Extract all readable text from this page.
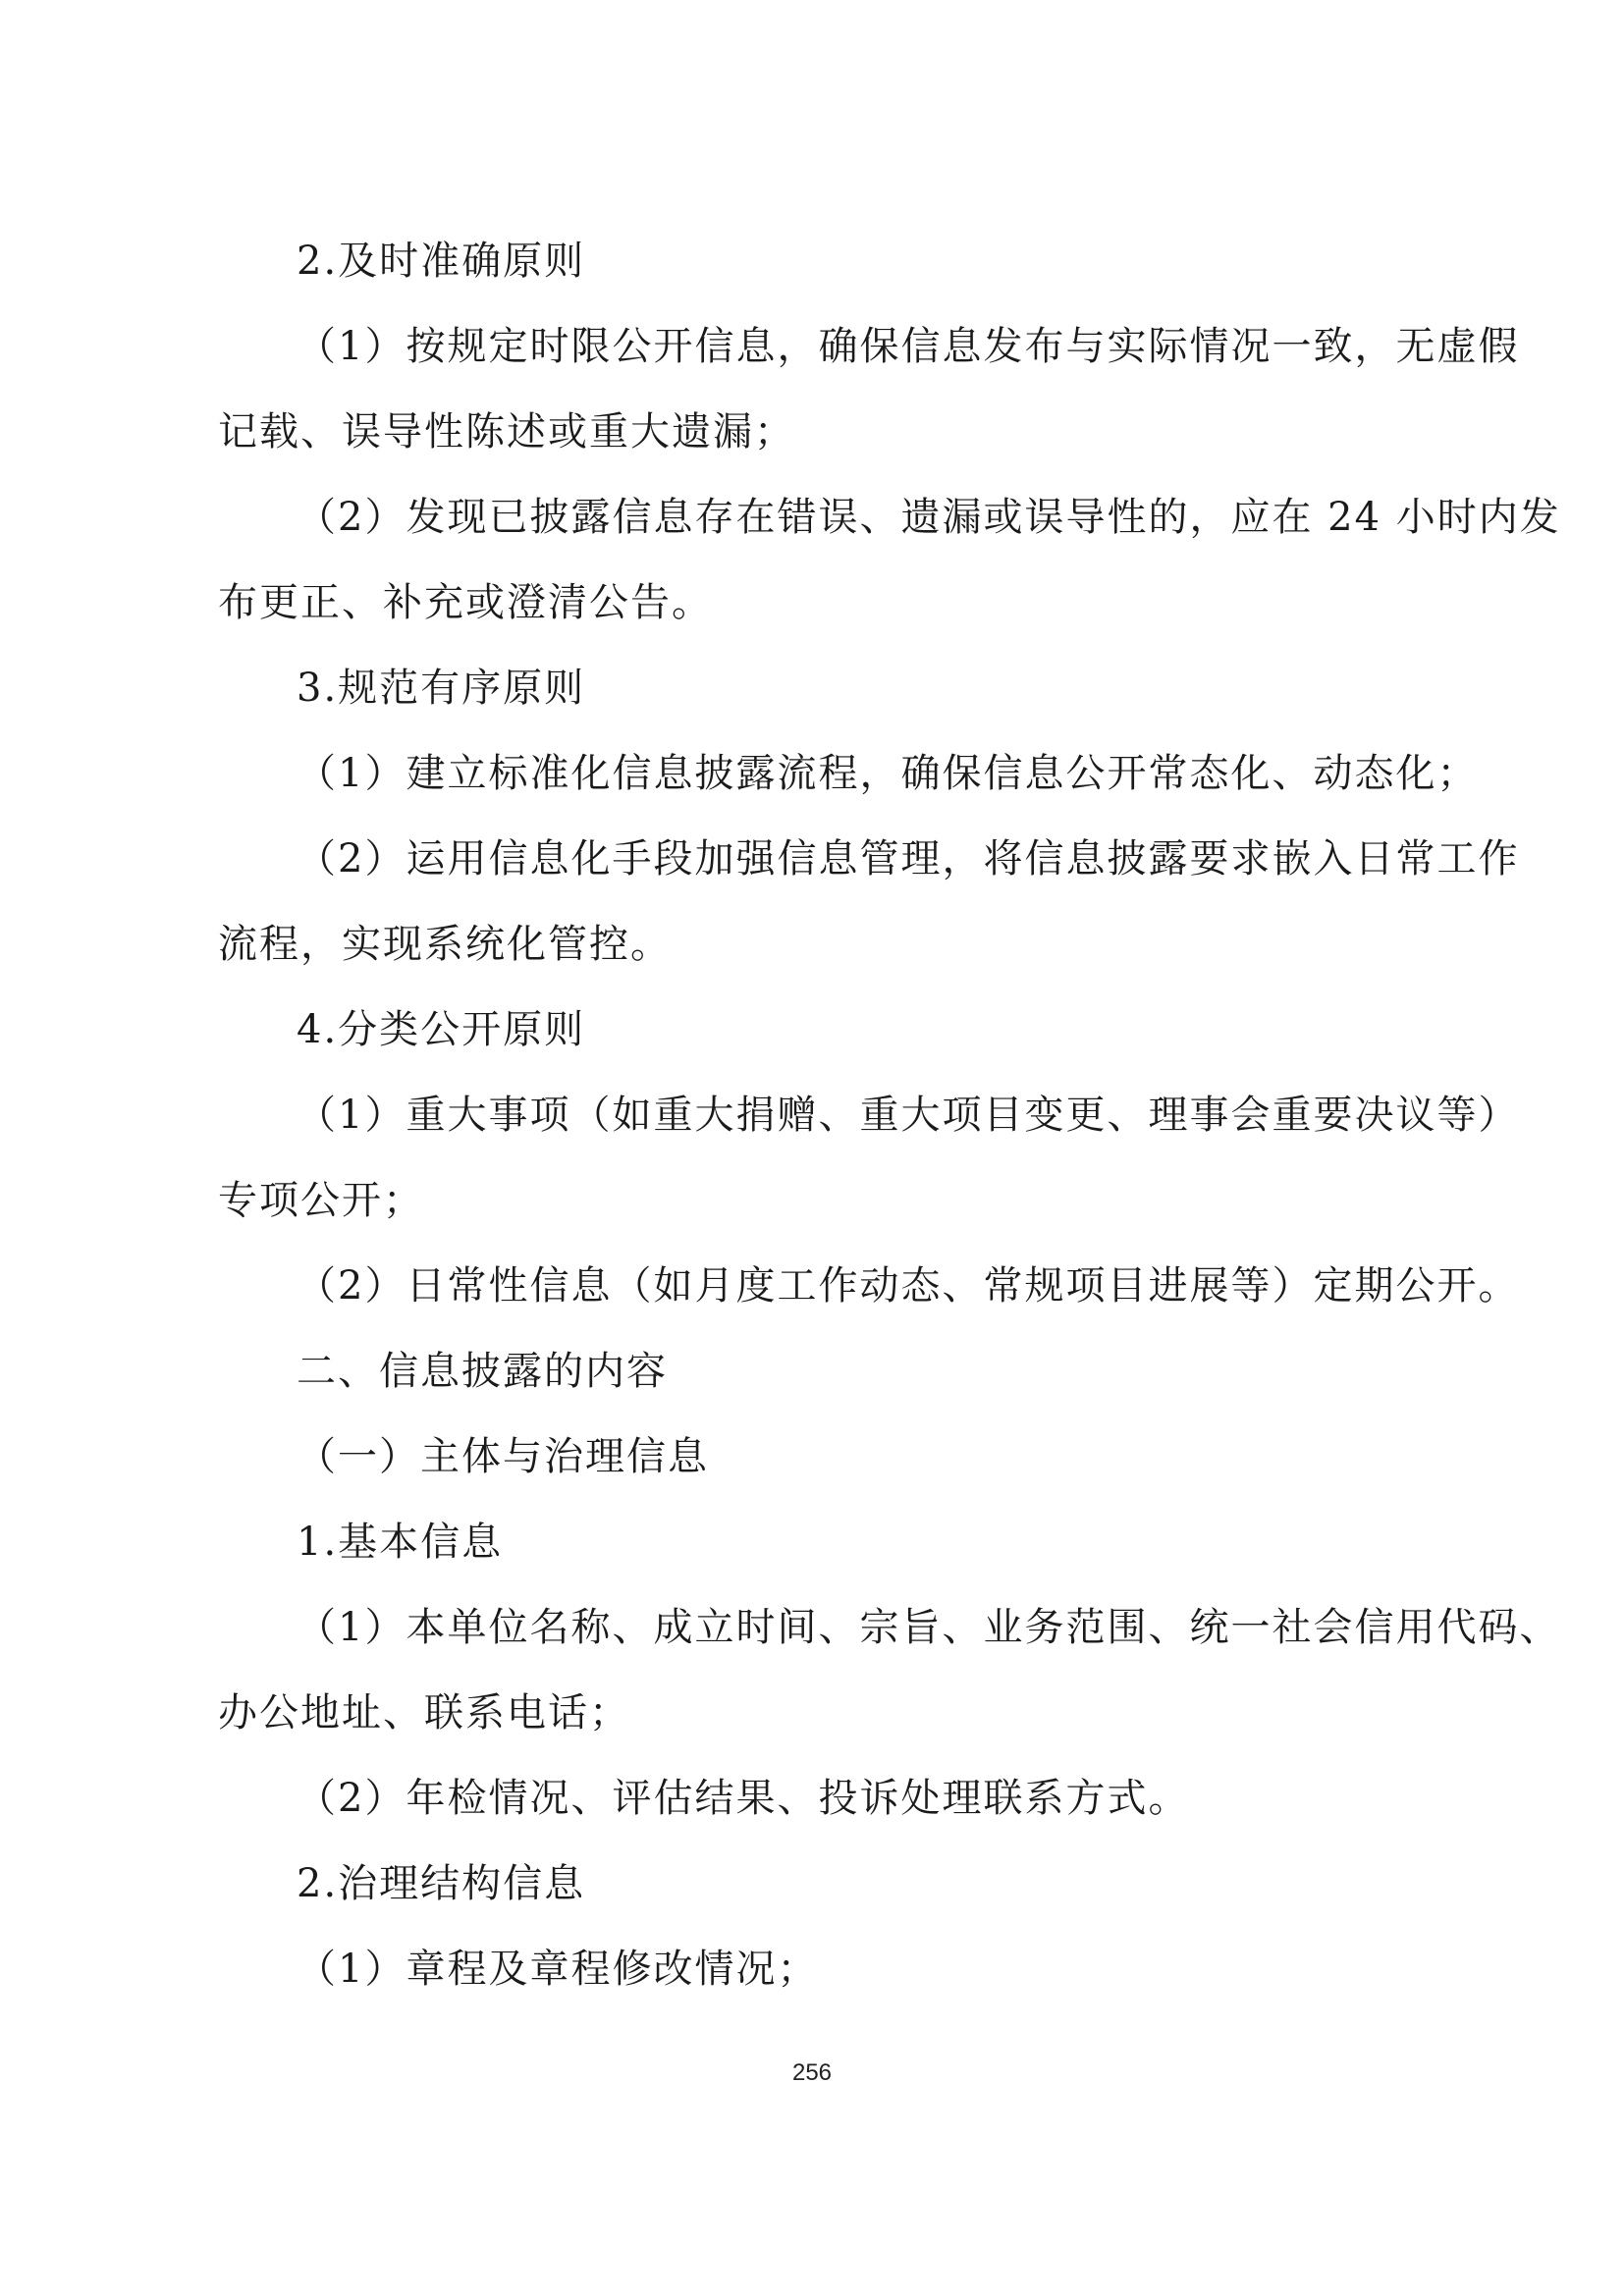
2.及时准确原则
（1）按规定时限公开信息，确保信息发布与实际情况一致，无虚假
记载、误导性陈述或重大遗漏；
（2）发现已披露信息存在错误、遗漏或误导性的，应在 24 小时内发
布更正、补充或澄清公告。
3.规范有序原则
（1）建立标准化信息披露流程，确保信息公开常态化、动态化；
（2）运用信息化手段加强信息管理，将信息披露要求嵌入日常工作
流程，实现系统化管控。
4.分类公开原则
（1）重大事项（如重大捐赠、重大项目变更、理事会重要决议等）
专项公开；
（2）日常性信息（如月度工作动态、常规项目进展等）定期公开。
二、信息披露的内容
（一）主体与治理信息
1.基本信息
（1）本单位名称、成立时间、宗旨、业务范围、统一社会信用代码、
办公地址、联系电话；
（2）年检情况、评估结果、投诉处理联系方式。
2.治理结构信息
（1）章程及章程修改情况；
256
